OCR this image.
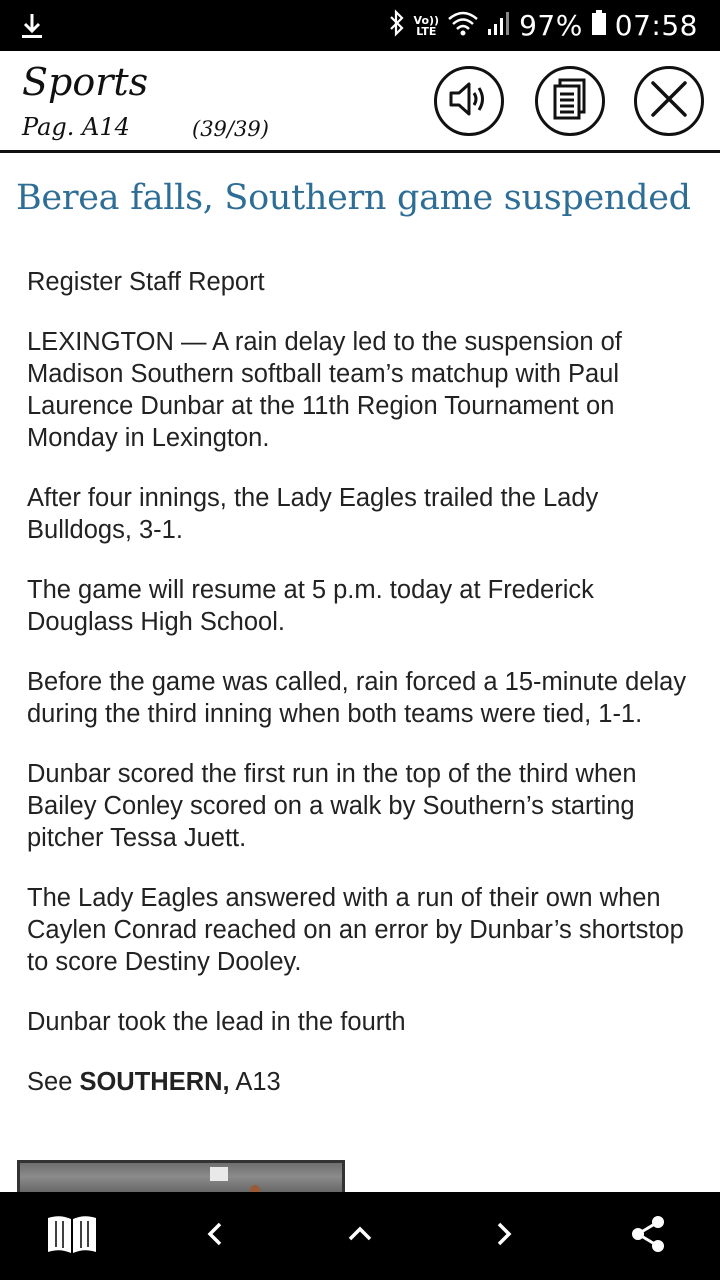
Vo))
LTE	97% 07:58
Sports
Pag. A14	(39/39)
Berea falls, Southern game suspended

Register Staff Report

LEXINGTON — A rain delay led to the suspension of Madison Southern softball team’s matchup with Paul Laurence Dunbar at the 11th Region Tournament on Monday in Lexington.

After four innings, the Lady Eagles trailed the Lady Bulldogs, 3-1.

The game will resume at 5 p.m. today at Frederick Douglass High School.

Before the game was called, rain forced a 15-minute delay during the third inning when both teams were tied, 1-1.

Dunbar scored the first run in the top of the third when Bailey Conley scored on a walk by Southern’s starting pitcher Tessa Juett.

The Lady Eagles answered with a run of their own when Caylen Conrad reached on an error by Dunbar’s shortstop to score Destiny Dooley.

Dunbar took the lead in the fourth

See SOUTHERN, A13
